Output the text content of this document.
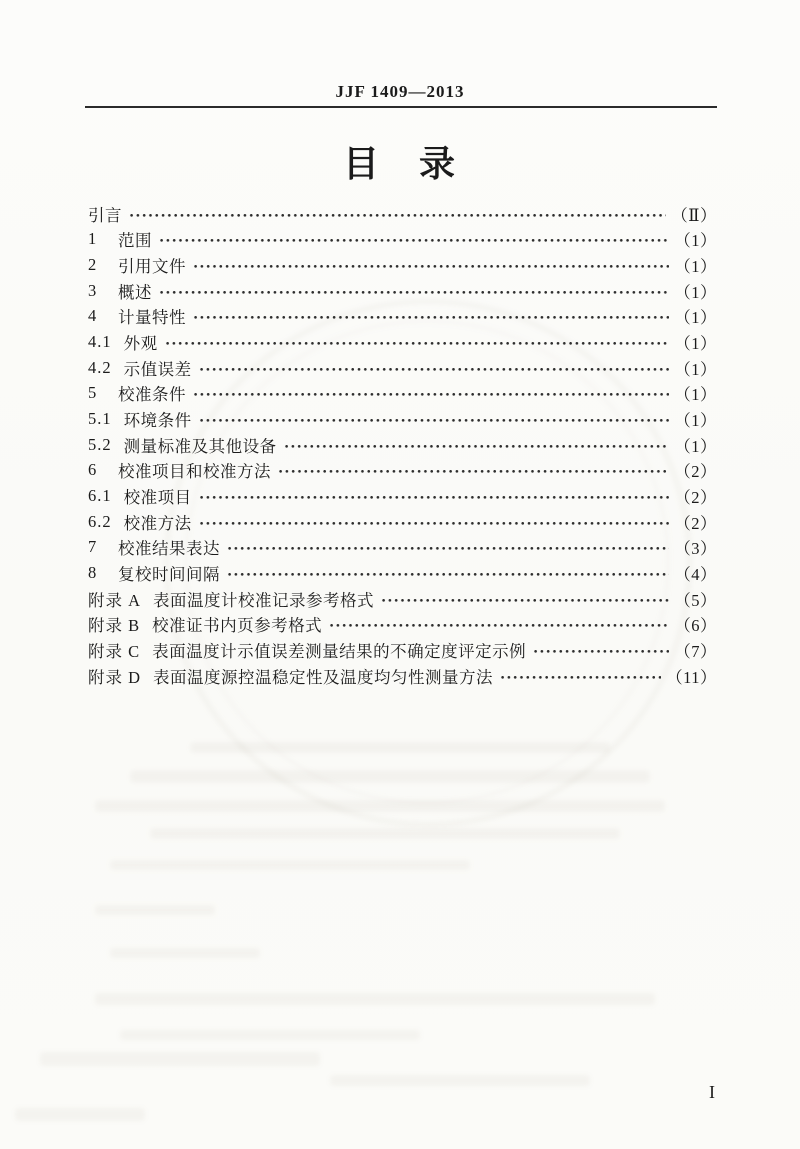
JJF 1409—2013
目　录
引言	（Ⅱ）
1	范围	（1）
2	引用文件	（1）
3	概述	（1）
4	计量特性	（1）
4.1 外观	（1）
4.2 示值误差	（1）
5	校准条件	（1）
5.1 环境条件	（1）
5.2 测量标准及其他设备	（1）
6	校准项目和校准方法	（2）
6.1 校准项目	（2）
6.2 校准方法	（2）
7	校准结果表达	（3）
8	复校时间间隔	（4）
附录 A 表面温度计校准记录参考格式	（5）
附录 B 校准证书内页参考格式	（6）
附录 C 表面温度计示值误差测量结果的不确定度评定示例	（7）
附录 D 表面温度源控温稳定性及温度均匀性测量方法	（11）
I
